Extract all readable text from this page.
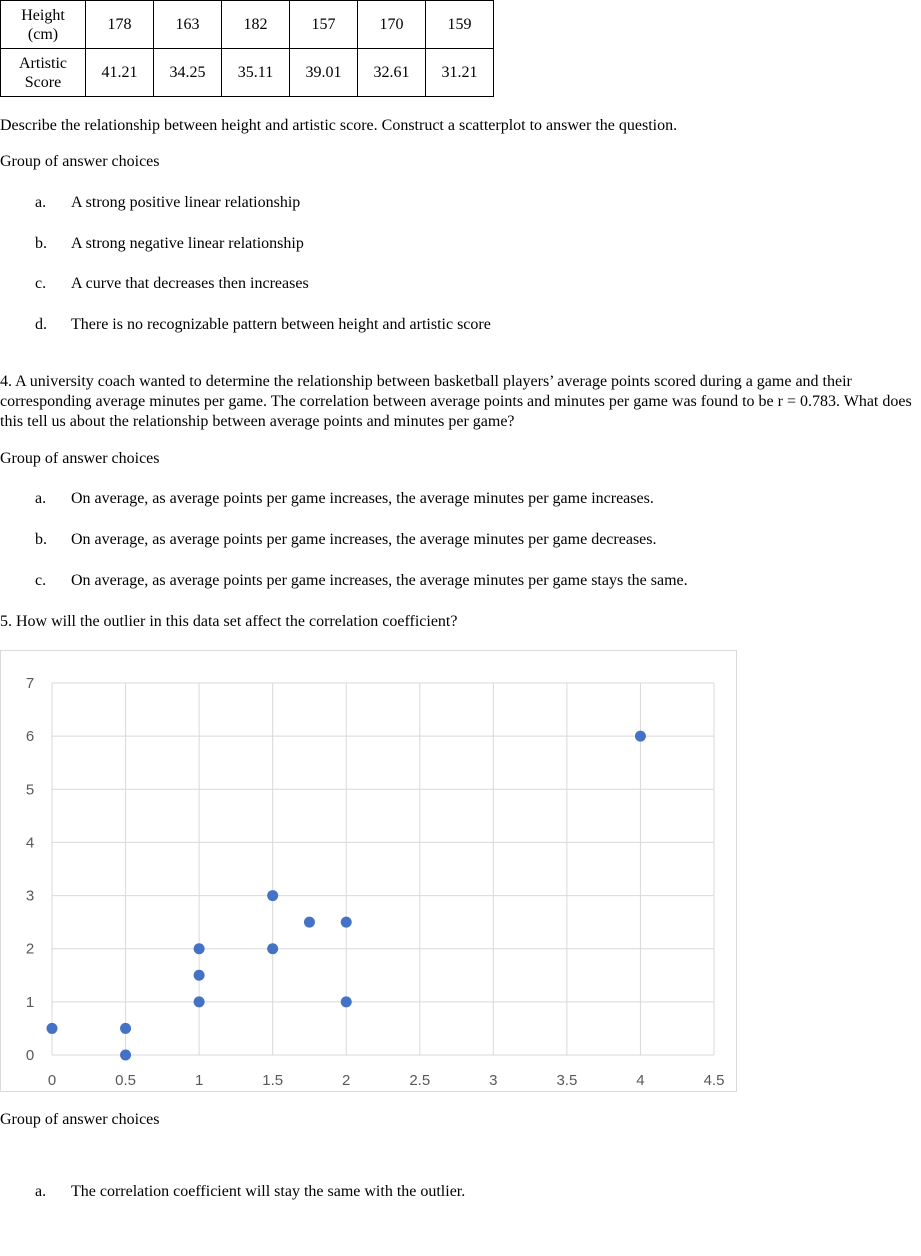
Height
(cm)	178	163	182	157	170	159

Artistic
Score	41.21	34.25	35.11	39.01	32.61	31.21
Describe the relationship between height and artistic score. Construct a scatterplot to answer the question.
Group of answer choices
a. A strong positive linear relationship
b. A strong negative linear relationship
c. A curve that decreases then increases
d. There is no recognizable pattern between height and artistic score
4. A university coach wanted to determine the relationship between basketball players’ average points scored during a game and their corresponding average minutes per game. The correlation between average points and minutes per game was found to be r = 0.783. What does this tell us about the relationship between average points and minutes per game?
Group of answer choices
a. On average, as average points per game increases, the average minutes per game increases.
b. On average, as average points per game increases, the average minutes per game decreases.
c. On average, as average points per game increases, the average minutes per game stays the same.
5. How will the outlier in this data set affect the correlation coefficient?
0	0.5	1	1.5	2	2.5	3	3.5	4	4.5
0
1
2
3
4
5
6
7
Group of answer choices
a. The correlation coefficient will stay the same with the outlier.
